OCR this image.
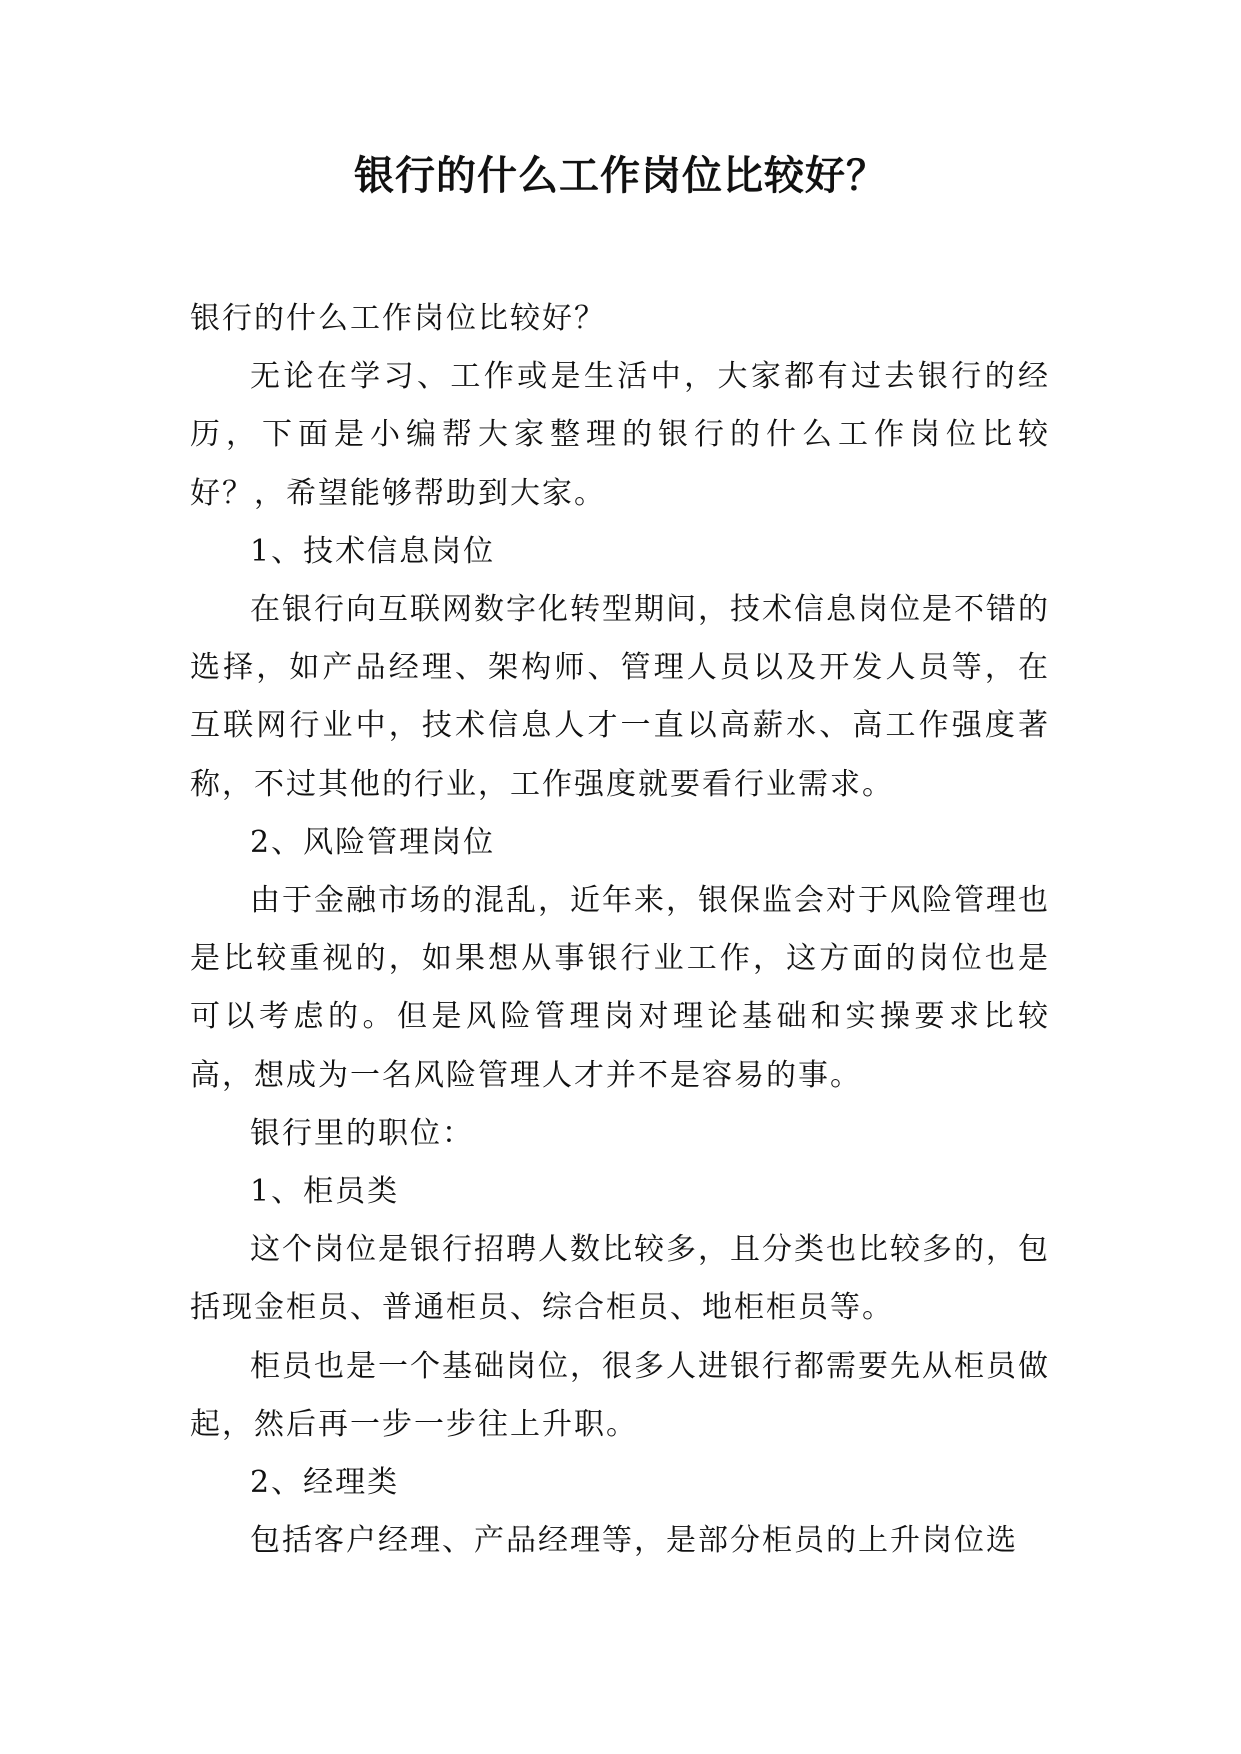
银行的什么工作岗位比较好？

银行的什么工作岗位比较好？

无论在学习、工作或是生活中，大家都有过去银行的经历，下面是小编帮大家整理的银行的什么工作岗位比较好？，希望能够帮助到大家。

1、技术信息岗位

在银行向互联网数字化转型期间，技术信息岗位是不错的选择，如产品经理、架构师、管理人员以及开发人员等，在互联网行业中，技术信息人才一直以高薪水、高工作强度著称，不过其他的行业，工作强度就要看行业需求。

2、风险管理岗位

由于金融市场的混乱，近年来，银保监会对于风险管理也是比较重视的，如果想从事银行业工作，这方面的岗位也是可以考虑的。但是风险管理岗对理论基础和实操要求比较高，想成为一名风险管理人才并不是容易的事。

银行里的职位：

1、柜员类

这个岗位是银行招聘人数比较多，且分类也比较多的，包括现金柜员、普通柜员、综合柜员、地柜柜员等。

柜员也是一个基础岗位，很多人进银行都需要先从柜员做起，然后再一步一步往上升职。

2、经理类

包括客户经理、产品经理等，是部分柜员的上升岗位选
